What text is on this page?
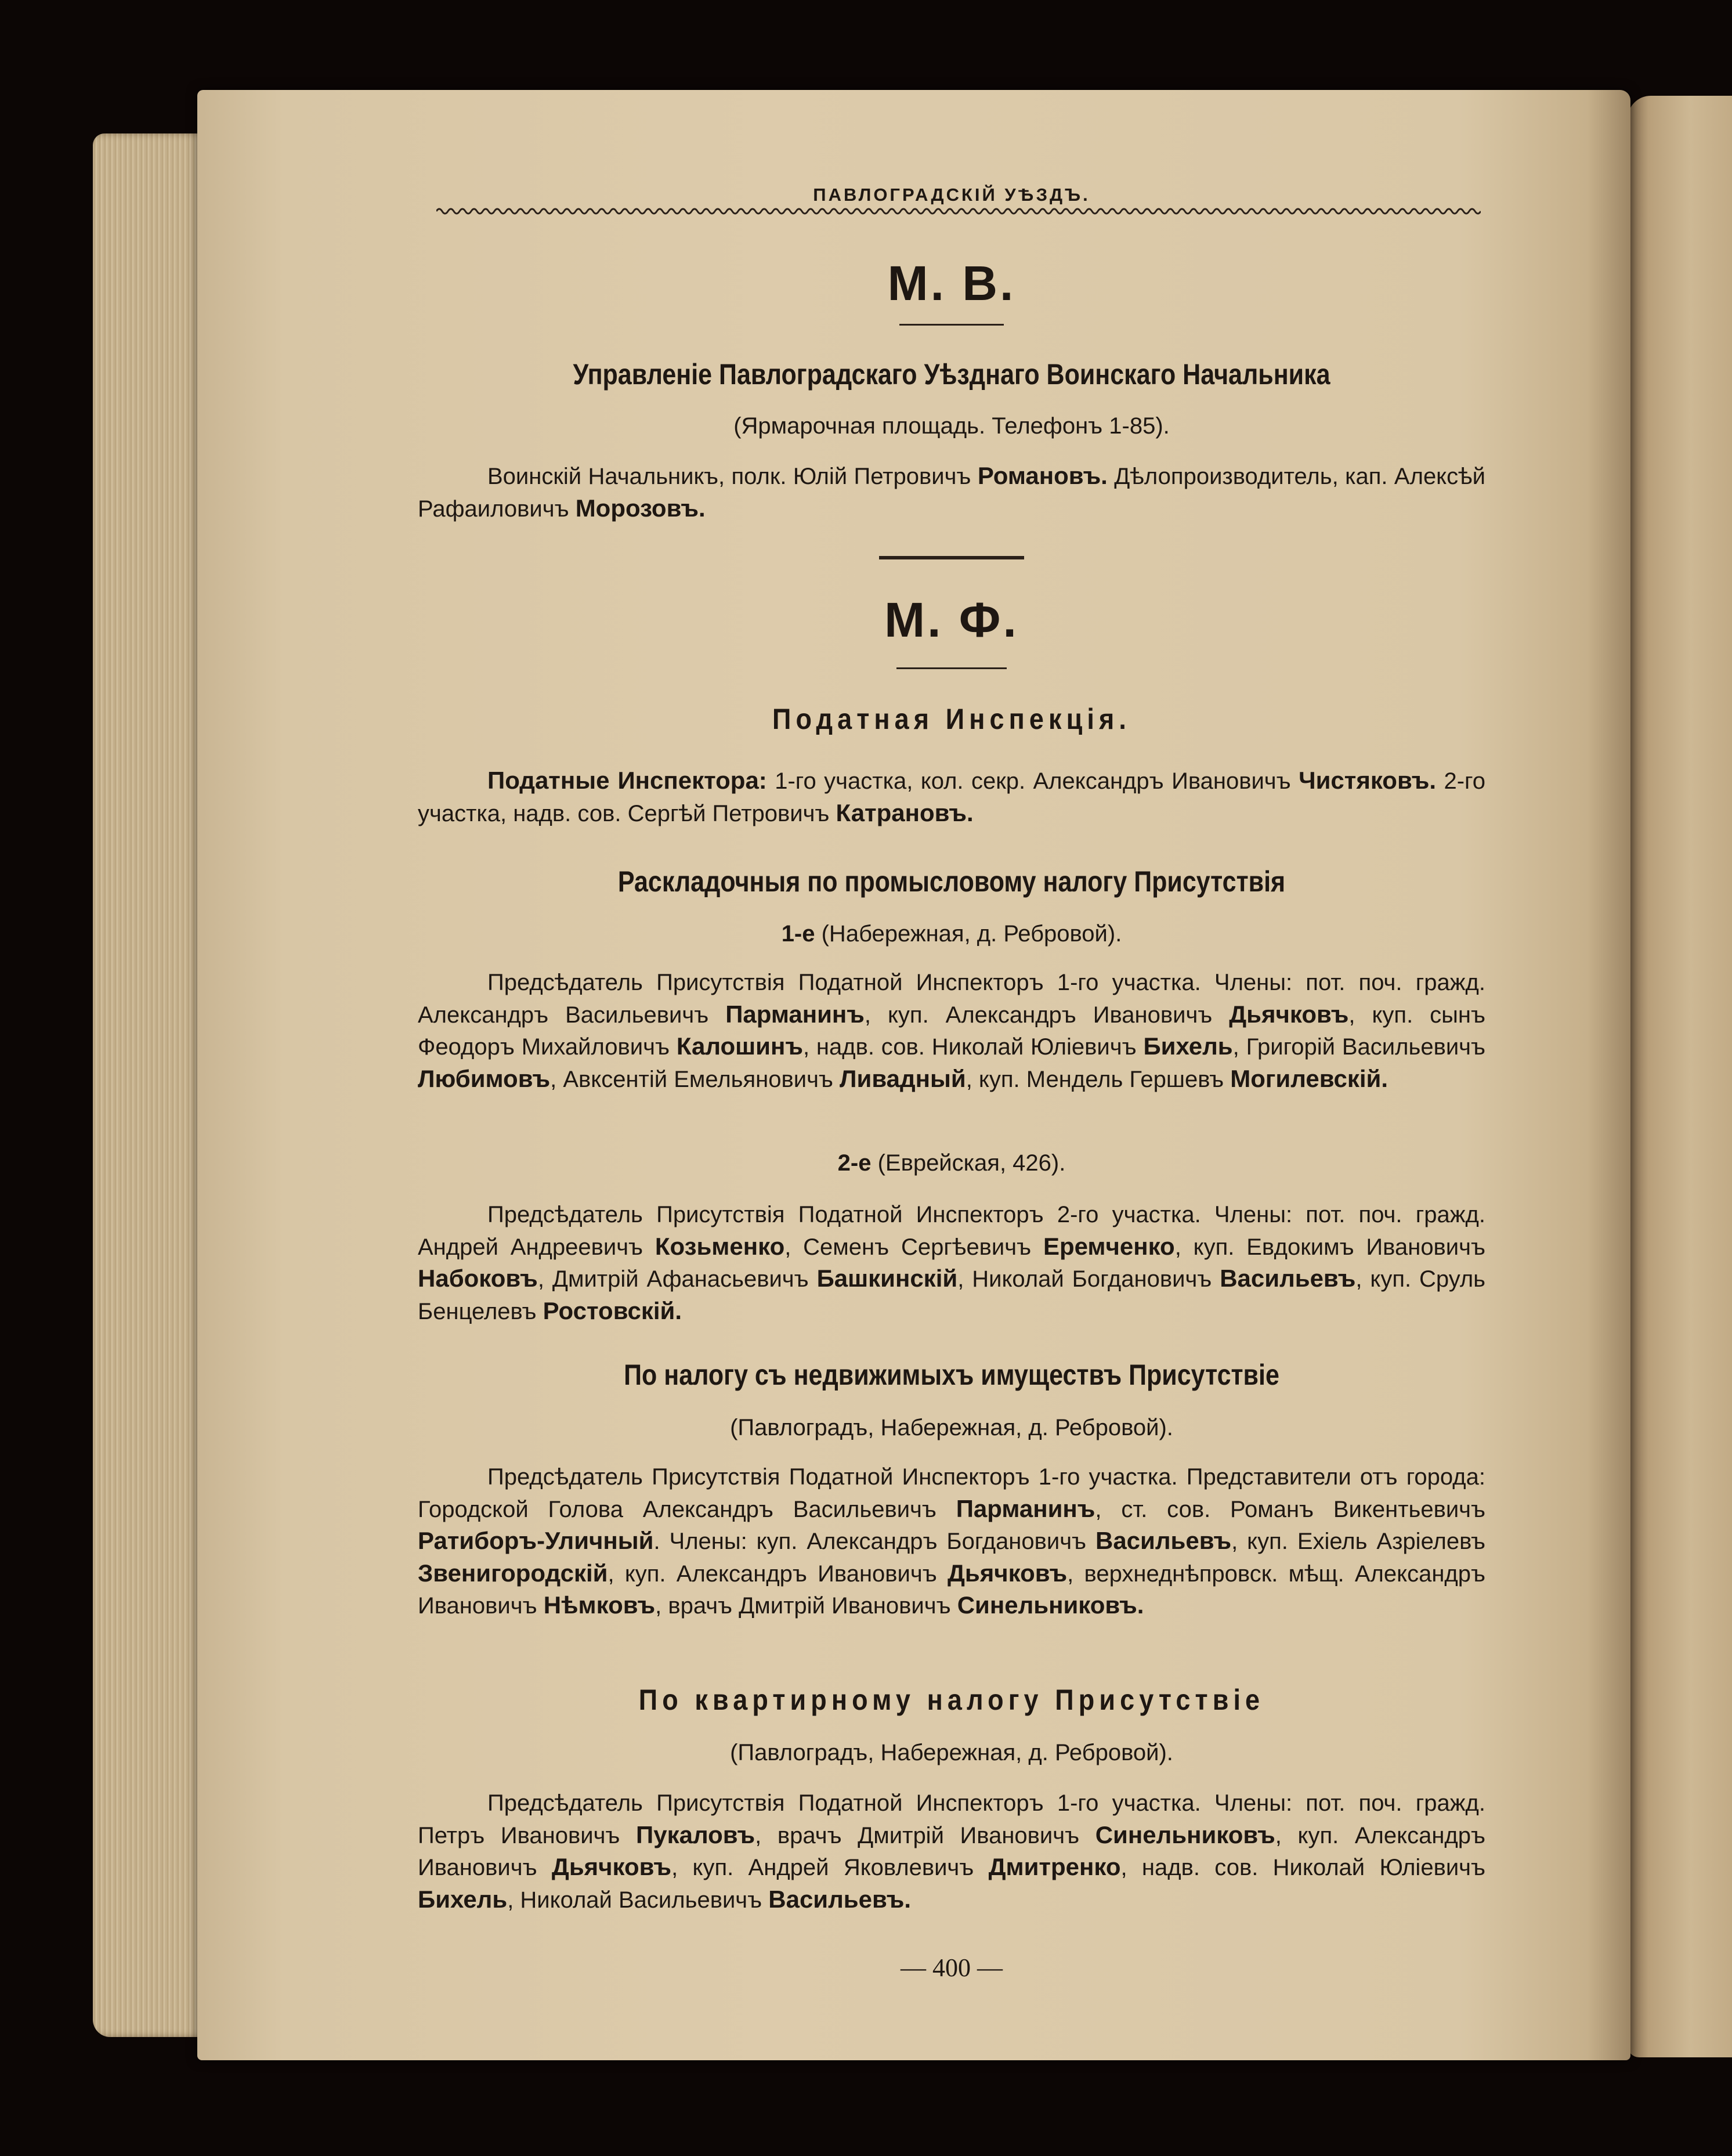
ПАВЛОГРАДСКІЙ УѢЗДЪ.
М. В.
Управленіе Павлоградскаго Уѣзднаго Воинскаго Начальника
(Ярмарочная площадь. Телефонъ 1-85).
Воинскій Начальникъ, полк. Юлій Петровичъ Романовъ. Дѣлопроизводитель, кап. Алексѣй Рафаиловичъ Морозовъ.
М. Ф.
Податная Инспекція.
Податные Инспектора: 1-го участка, кол. секр. Александръ Ивановичъ Чистяковъ. 2-го участка, надв. сов. Сергѣй Петровичъ Катрановъ.
Раскладочныя по промысловому налогу Присутствія
1-е (Набережная, д. Ребровой).
Предсѣдатель Присутствія Податной Инспекторъ 1-го участка. Члены: пот. поч. гражд. Александръ Васильевичъ Парманинъ, куп. Александръ Ивановичъ Дьячковъ, куп. сынъ Феодоръ Михайловичъ Калошинъ, надв. сов. Николай Юліевичъ Бихель, Григорій Васильевичъ Любимовъ, Авксентій Емельяновичъ Ливадный, куп. Мендель Гершевъ Могилевскій.
2-е (Еврейская, 426).
Предсѣдатель Присутствія Податной Инспекторъ 2-го участка. Члены: пот. поч. гражд. Андрей Андреевичъ Козьменко, Семенъ Сергѣевичъ Еремченко, куп. Евдокимъ Ивановичъ Набоковъ, Дмитрій Афанасьевичъ Башкинскій, Николай Богдановичъ Васильевъ, куп. Сруль Бенцелевъ Ростовскій.
По налогу съ недвижимыхъ имуществъ Присутствіе
(Павлоградъ, Набережная, д. Ребровой).
Предсѣдатель Присутствія Податной Инспекторъ 1-го участка. Представители отъ города: Городской Голова Александръ Васильевичъ Парманинъ, ст. сов. Романъ Викентьевичъ Ратиборъ-Уличный. Члены: куп. Александръ Богдановичъ Васильевъ, куп. Ехіель Азріелевъ Звенигородскій, куп. Александръ Ивановичъ Дьячковъ, верхнеднѣпровск. мѣщ. Александръ Ивановичъ Нѣмковъ, врачъ Дмитрій Ивановичъ Синельниковъ.
По квартирному налогу Присутствіе
(Павлоградъ, Набережная, д. Ребровой).
Предсѣдатель Присутствія Податной Инспекторъ 1-го участка. Члены: пот. поч. гражд. Петръ Ивановичъ Пукаловъ, врачъ Дмитрій Ивановичъ Синельниковъ, куп. Александръ Ивановичъ Дьячковъ, куп. Андрей Яковлевичъ Дмитренко, надв. сов. Николай Юліевичъ Бихель, Николай Васильевичъ Васильевъ.
— 400 —
